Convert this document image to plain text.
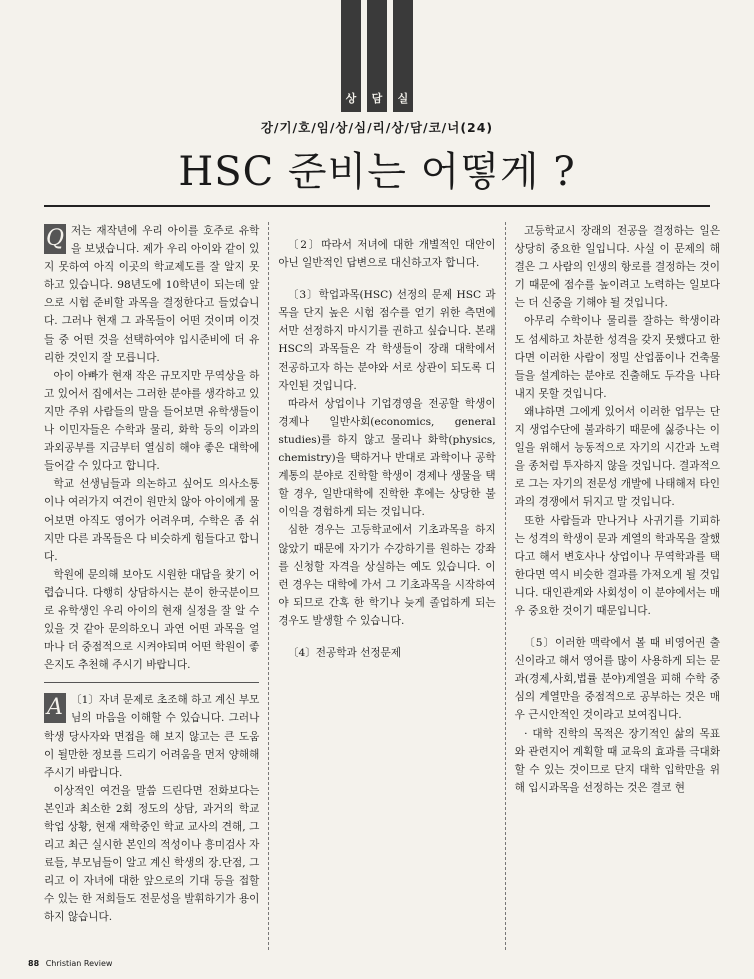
상 담 실
강/기/호/임/상/심/리/상/담/코/너(24)
HSC 준비는 어떻게 ?
Q 저는 재작년에 우리 아이를 호주로 유학을 보냈습니다. 제가 우리 아이와 같이 있지 못하여 아직 이곳의 학교제도를 잘 알지 못하고 있습니다. 98년도에 10학년이 되는데 앞으로 시험 준비할 과목을 결정한다고 들었습니다. 그러나 현재 그 과목들이 어떤 것이며 이것들 중 어떤 것을 선택하여야 입시준비에 더 유리한 것인지 잘 모릅니다.

아이 아빠가 현재 작은 규모지만 무역상을 하고 있어서 집에서는 그러한 분야를 생각하고 있지만 주위 사람들의 말을 들어보면 유학생들이나 이민자들은 수학과 물리, 화학 등의 이과의 과외공부를 지금부터 열심히 해야 좋은 대학에 들어갈 수 있다고 합니다.

학교 선생님들과 의논하고 싶어도 의사소통이나 여러가지 여건이 원만치 않아 아이에게 물어보면 아직도 영어가 어려우며, 수학은 좀 쉬지만 다른 과목들은 다 비슷하게 힘들다고 합니다.

학원에 문의해 보아도 시원한 대답을 찾기 어렵습니다. 다행히 상담하시는 분이 한국분이므로 유학생인 우리 아이의 현재 실정을 잘 알 수 있을 것 같아 문의하오니 과연 어떤 과목을 얼마나 더 중점적으로 시켜야되며 어떤 학원이 좋은지도 추천해 주시기 바랍니다.

A 〔1〕자녀 문제로 초조해 하고 계신 부모님의 마음을 이해할 수 있습니다. 그러나 학생 당사자와 면접을 해 보지 않고는 큰 도움이 될만한 정보를 드리기 어려움을 먼저 양해해 주시기 바랍니다.

이상적인 여건을 말씀 드린다면 전화보다는 본인과 최소한 2회 정도의 상담, 과거의 학교 학업 상황, 현재 재학중인 학교 교사의 견해, 그리고 최근 실시한 본인의 적성이나 흥미검사 자료들, 부모님들이 알고 계신 학생의 장.단점, 그리고 이 자녀에 대한 앞으로의 기대 등을 접할 수 있는 한 저희들도 전문성을 발휘하기가 용이하지 않습니다.

〔2〕따라서 저녀에 대한 개별적인 대안이 아닌 일반적인 답변으로 대신하고자 합니다.

〔3〕학업과목(HSC) 선정의 문제 HSC 과목을 단지 높은 시험 점수를 얻기 위한 측면에서만 선정하지 마시기를 권하고 싶습니다. 본래 HSC의 과목들은 각 학생들이 장래 대학에서 전공하고자 하는 분야와 서로 상관이 되도록 디자인된 것입니다.

따라서 상업이나 기업경영을 전공할 학생이 경제나 일반사회(economics, general studies)를 하지 않고 물리나 화학(physics, chemistry)을 택하거나 반대로 과학이나 공학 계통의 분야로 진학할 학생이 경제나 생물을 택할 경우, 일반대학에 진학한 후에는 상당한 불이익을 경험하게 되는 것입니다.

심한 경우는 고등학교에서 기초과목을 하지 않았기 때문에 자기가 수강하기를 원하는 강좌를 신청할 자격을 상실하는 예도 있습니다. 이런 경우는 대학에 가서 그 기초과목을 시작하여야 되므로 간혹 한 학기나 늦게 졸업하게 되는 경우도 발생할 수 있습니다.

〔4〕전공학과 선정문제

고등학교시 장래의 전공을 결정하는 일은 상당히 중요한 일입니다. 사실 이 문제의 해결은 그 사람의 인생의 항로를 결정하는 것이기 때문에 점수를 높이려고 노력하는 일보다는 더 신중을 기해야 될 것입니다.

아무리 수학이나 물리를 잘하는 학생이라도 섬세하고 차분한 성격을 갖지 못했다고 한다면 이러한 사람이 정밀 산업품이나 건축물들을 설계하는 분야로 진출해도 두각을 나타내지 못할 것입니다.

왜냐하면 그에게 있어서 이러한 업무는 단지 생업수단에 불과하기 때문에 싫증나는 이 일을 위해서 능동적으로 자기의 시간과 노력을 종처럼 투자하지 않을 것입니다. 결과적으로 그는 자기의 전문성 개발에 나태해져 타인과의 경쟁에서 뒤지고 말 것입니다.

또한 사람들과 만나거나 사귀기를 기피하는 성격의 학생이 문과 계열의 학과목을 잘했다고 해서 변호사나 상업이나 무역학과를 택한다면 역시 비슷한 결과를 가져오게 될 것입니다. 대인관계와 사회성이 이 분야에서는 매우 중요한 것이기 때문입니다.

〔5〕이러한 맥락에서 볼 때 비영어권 출신이라고 해서 영어를 많이 사용하게 되는 문과(경제,사회,법률 분야)계열을 피해 수학 중심의 계열만을 중점적으로 공부하는 것은 매우 근시안적인 것이라고 보여집니다.

· 대학 진학의 목적은 장기적인 삶의 목표와 관련지어 계획할 때 교육의 효과를 극대화 할 수 있는 것이므로 단지 대학 입학만을 위해 입시과목을 선정하는 것은 결코 현

88 Christian Review
